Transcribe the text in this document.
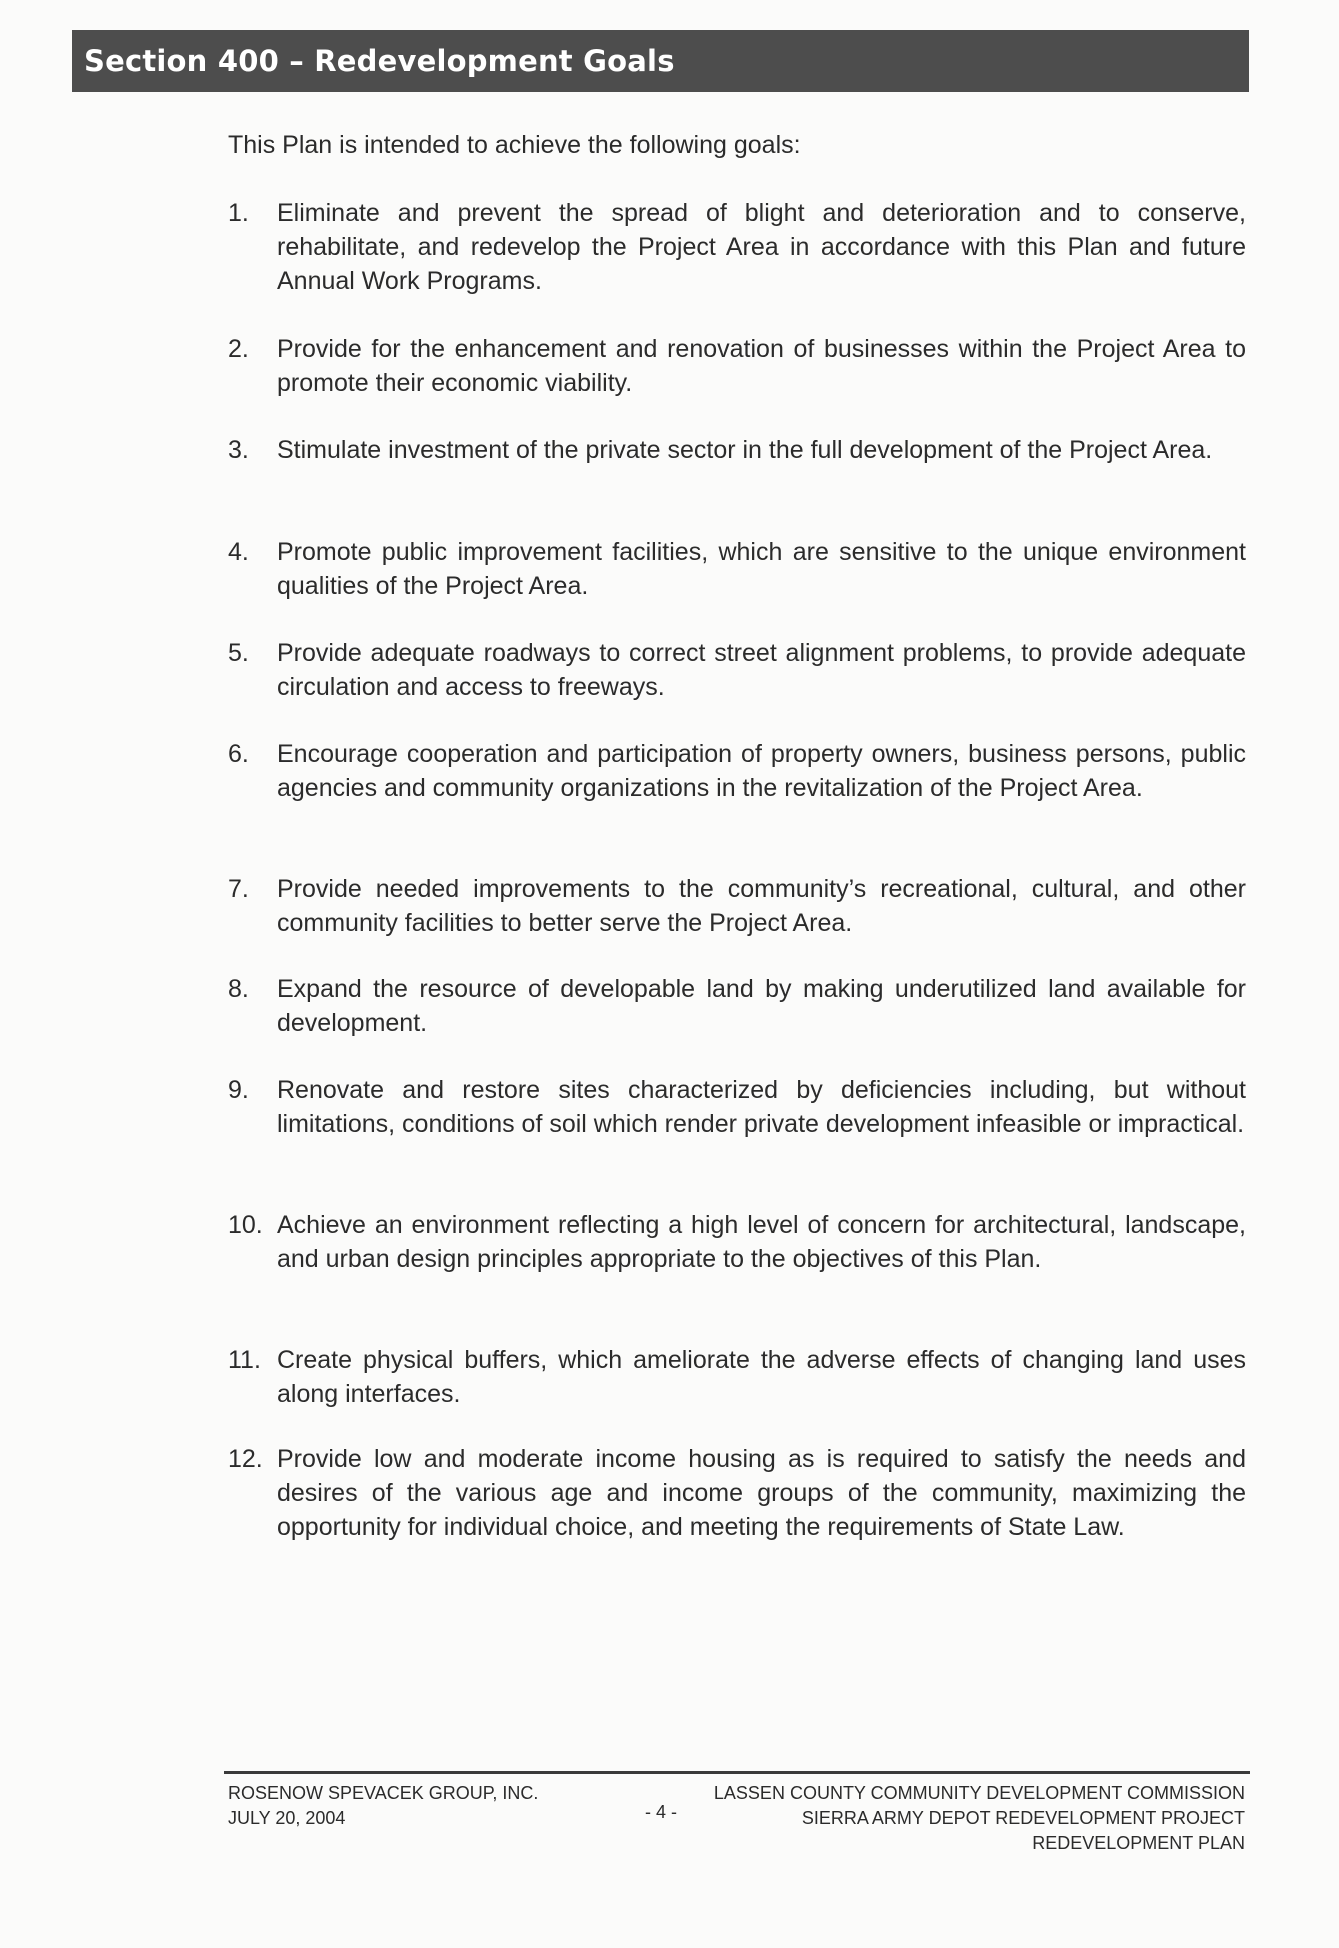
Section 400 – Redevelopment Goals
This Plan is intended to achieve the following goals:
1.	Eliminate and prevent the spread of blight and deterioration and to conserve, rehabilitate, and redevelop the Project Area in accordance with this Plan and future Annual Work Programs.
2.	Provide for the enhancement and renovation of businesses within the Project Area to promote their economic viability.
3.	Stimulate investment of the private sector in the full development of the Project Area.
4.	Promote public improvement facilities, which are sensitive to the unique environment qualities of the Project Area.
5.	Provide adequate roadways to correct street alignment problems, to provide adequate circulation and access to freeways.
6.	Encourage cooperation and participation of property owners, business persons, public agencies and community organizations in the revitalization of the Project Area.
7.	Provide needed improvements to the community’s recreational, cultural, and other community facilities to better serve the Project Area.
8.	Expand the resource of developable land by making underutilized land available for development.
9.	Renovate and restore sites characterized by deficiencies including, but without limitations, conditions of soil which render private development infeasible or impractical.
10. Achieve an environment reflecting a high level of concern for architectural, landscape, and urban design principles appropriate to the objectives of this Plan.
11. Create physical buffers, which ameliorate the adverse effects of changing land uses along interfaces.
12. Provide low and moderate income housing as is required to satisfy the needs and desires of the various age and income groups of the community, maximizing the opportunity for individual choice, and meeting the requirements of State Law.
ROSENOW SPEVACEK GROUP, INC.
JULY 20, 2004	- 4 -
LASSEN COUNTY COMMUNITY DEVELOPMENT COMMISSION
SIERRA ARMY DEPOT REDEVELOPMENT PROJECT
REDEVELOPMENT PLAN
